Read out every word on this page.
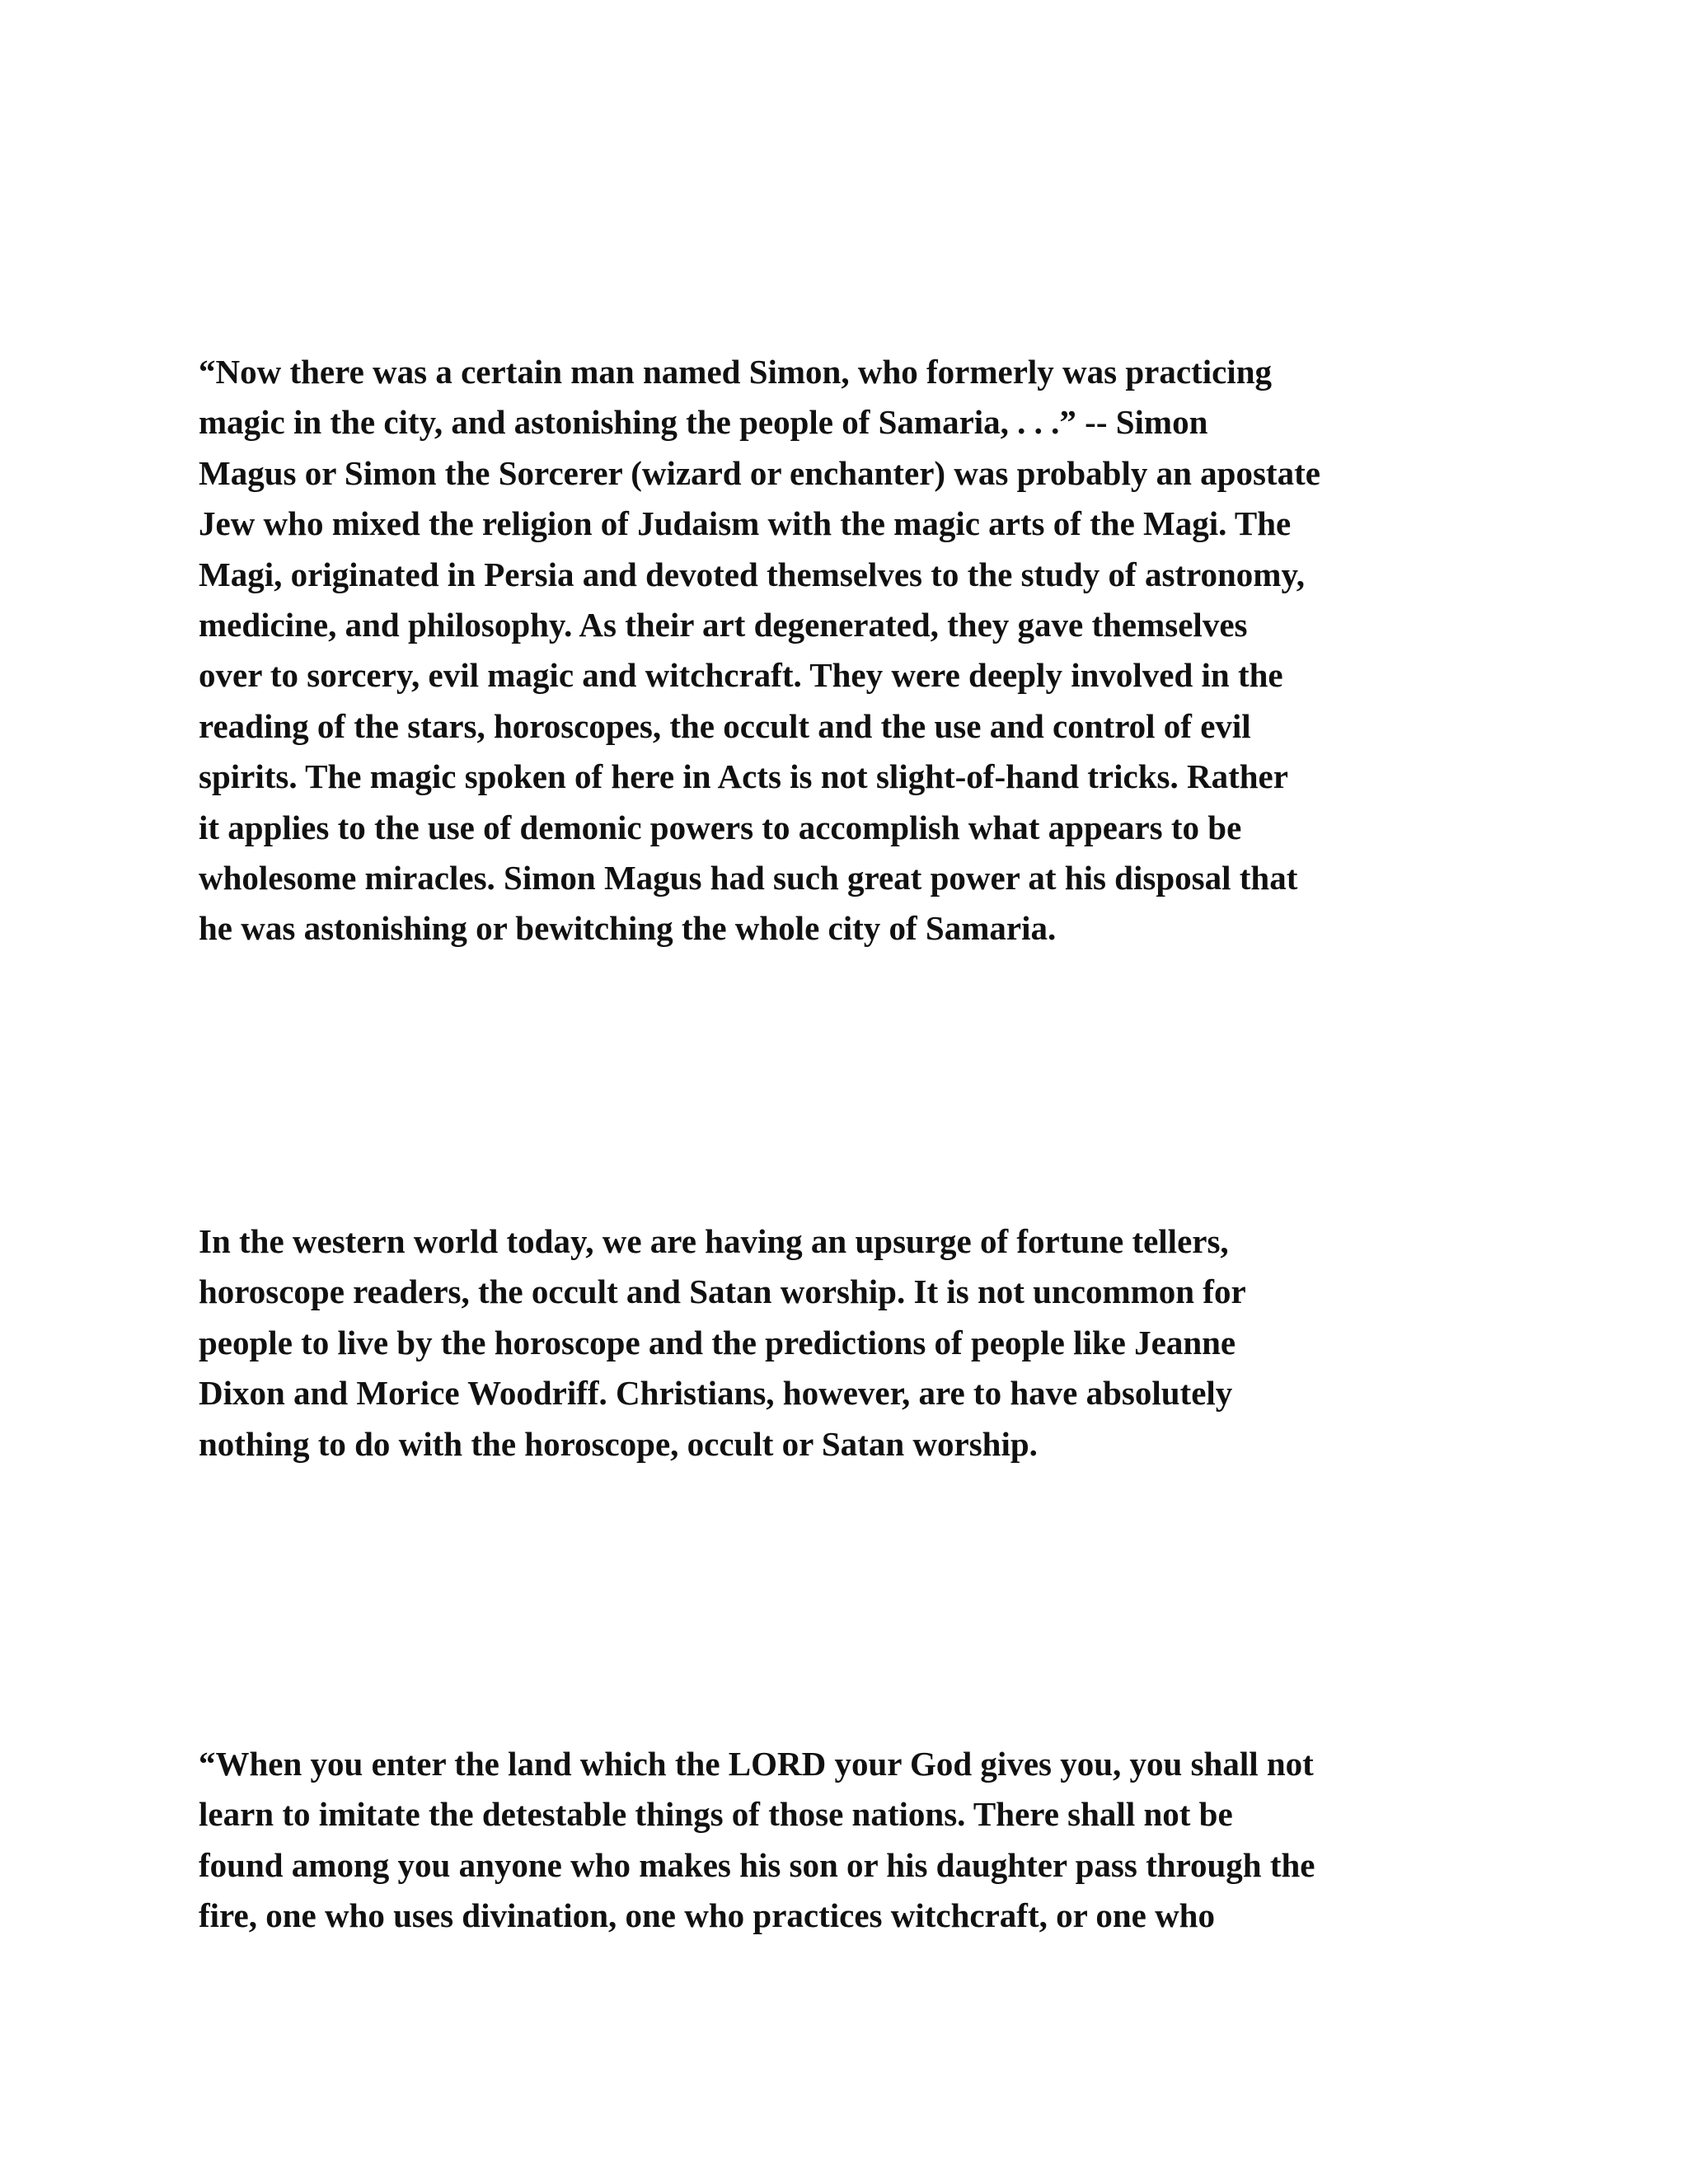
“Now there was a certain man named Simon, who formerly was practicing
magic in the city, and astonishing the people of Samaria, . . .” -- Simon
Magus or Simon the Sorcerer (wizard or enchanter) was probably an apostate
Jew who mixed the religion of Judaism with the magic arts of the Magi. The
Magi, originated in Persia and devoted themselves to the study of astronomy,
medicine, and philosophy. As their art degenerated, they gave themselves
over to sorcery, evil magic and witchcraft. They were deeply involved in the
reading of the stars, horoscopes, the occult and the use and control of evil
spirits. The magic spoken of here in Acts is not slight-of-hand tricks. Rather
it applies to the use of demonic powers to accomplish what appears to be
wholesome miracles. Simon Magus had such great power at his disposal that
he was astonishing or bewitching the whole city of Samaria.
In the western world today, we are having an upsurge of fortune tellers,
horoscope readers, the occult and Satan worship. It is not uncommon for
people to live by the horoscope and the predictions of people like Jeanne
Dixon and Morice Woodriff. Christians, however, are to have absolutely
nothing to do with the horoscope, occult or Satan worship.
“When you enter the land which the LORD your God gives you, you shall not
learn to imitate the detestable things of those nations. There shall not be
found among you anyone who makes his son or his daughter pass through the
fire, one who uses divination, one who practices witchcraft, or one who
